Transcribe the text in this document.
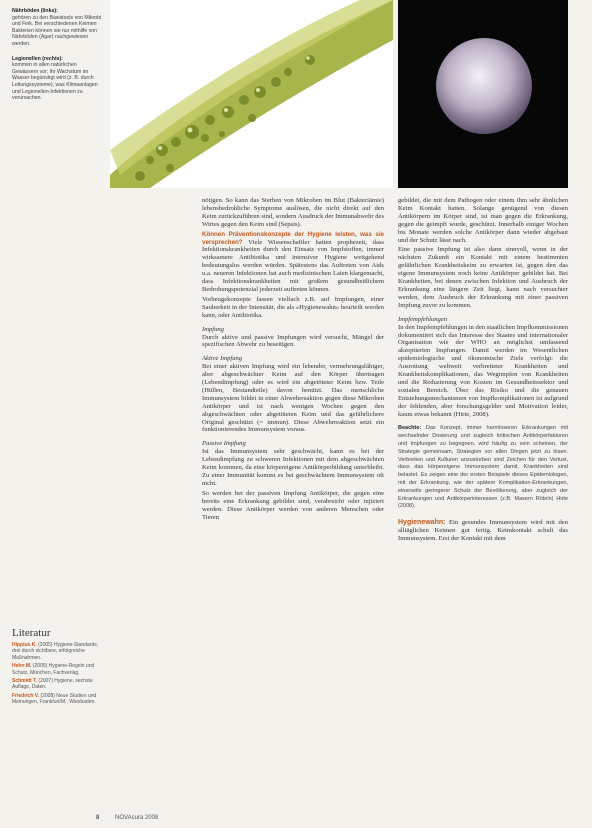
Nährböden (links):
gehören zu den Basistools von Mikrobi und Fink. Bei verschiedenen Keimen Bakterien können sie nur mithilfe von Nährböden (Agar) nachgewiesen werden.
Legionellen (rechts):
kommen in allen natürlichen Gewässern vor; ihr Wachstum im Wasser begünstigt wird (z. B. durch Leitungssysteme), was Klimaanlagen und Legionellen-Infektionen zu verursachen.

nötigen. So kann das Sterben von Mikroben im Blut (Bakteriämie) lebensbedrohliche Symptome auslösen, die nicht direkt auf den Keim zurückzuführen sind, sondern Ausdruck der Immunabwehr des Wirtes gegen den Keim sind (Sepsis).

Können Präventionskonzepte der Hygiene leisten, was sie versprechen? Viele Wissenschaftler hatten prophezeit, dass Infektionskrankheiten durch den Einsatz von Impfstoffen, immer wirksamere Antibiotika und intensiver Hygiene weitgehend bedeutungslos werden würden. Spätestens das Auftreten von Aids u.a. neueren Infektionen hat auch medizinischen Laien klargemacht, dass Infektionskrankheiten mit großem gesundheitlichem Bedrohungspotenzial jederzeit auftreten können.

Vorbeugekonzepte fassen vielfach z.B. auf Impfungen, einer Sauberkeit in der Intensität, die als »Hygienewahn« beurteilt werden kann, oder Antibiotika.

Impfung

Durch aktive und passive Impfungen wird versucht, Mängel der spezifischen Abwehr zu beseitigen.

Aktive Impfung

Bei einer aktiven Impfung wird ein lebender, vermehrungsfähiger, aber abgeschwächter Keim auf den Körper übertragen (Lebendimpfung) oder es wird ein abgetöteter Keim bzw. Teile (Hüllen, Bestandteile) davon benützt. Das menschliche Immunsystem bildet in einer Abwehrreaktion gegen diese Mikroben Antikörper und ist nach wenigen Wochen gegen den abgeschwächten oder abgetöteten Keim und das gefährlichere Original geschützt (= immun). Diese Abwehrreaktion setzt ein funktionierendes Immunsystem voraus.

Passive Impfung

Ist das Immunsystem sehr geschwächt, kann es bei der Lebendimpfung zu schweren Infektionen mit dem abgeschwächten Keim kommen, da eine körpereigene Antikörperbildung unterbleibt. Zu einer Immunität kommt es bei geschwächtem Immunsystem oft nicht.

So werden bei der passiven Impfung Antikörper, die gegen eine bereits eine Erkrankung gebildet sind, verabreicht oder injiziert werden. Diese Antikörper werden von anderen Menschen oder Tieren

gebildet, die mit dem Pathogen oder einem ihm sehr ähnlichen Keim Kontakt hatten. Solange genügend von diesen Antikörpern im Körper sind, ist man gegen die Erkrankung, gegen die geimpft wurde, geschützt. Innerhalb einiger Wochen bis Monate werden solche Antikörper dann wieder abgebaut und der Schutz lässt nach.

Eine passive Impfung ist also dann sinnvoll, wenn in der nächsten Zukunft ein Kontakt mit einem bestimmten gefährlichen Krankheitskeim zu erwarten ist, gegen den das eigene Immunsystem noch keine Antikörper gebildet hat. Bei Krankheiten, bei denen zwischen Infektion und Ausbruch der Erkrankung eine längere Zeit liegt, kann nach versuchter werden, dem Ausbruch der Erkrankung mit einer passiven Impfung zuvor zu kommen.

Impfempfehlungen

In den Impfempfehlungen in den staatlichen Impfkommissionen dokumentiert sich das Interesse des Staates und internationaler Organisation wie der WHO an möglichst umfassend akzeptierten Impfungen. Damit werden im Wesentlichen epidemiologische und ökonomische Ziele verfolgt: die Ausrottung weltweit verbreiteter Krankheiten und Krankheitskomplikationen, das Wegimpfen von Krankheiten und die Reduzierung von Kosten im Gesundheitssektor und sozialen Bereich. Über das Risiko und die genauen Entstehungsmechanismen von Impfkomplikationen ist aufgrund der fehlenden, aber forschungsgelder und Motivation leider, kaum etwas bekannt (Hirte, 2008).

Beachte: Das Konzept, immer harmloseren Erkrankungen mit wechselnder Dosierung und zugleich kritischen Antikörperfaktoren und Impfungen zu begegnen, wird häufig zu sein scheinen, der Strategie gemeinsam, Strategien vor allen Dingen jetzt zu lösen. Verbreiten und Kulturen anzustreben sind Zeichen für den Verlust, dass das körpereigene Immunsystem damit, Krankheiten sind belastet. Es zeigen eine der ersten Beispiele dieses Epidemiologen, mit der Erkrankung, wie der spätere Komplikation-Erkrankungen, einerseits geringerer Schutz der Bevölkerung, aber zugleich der Erkrankungen und Antikörperinteressen (z.B. Masern Röteln) Hirte (2008).

Hygienewahn: Ein gesundes Immunsystem wird mit den alltäglichen Keimen gut fertig. Keimkontakt schult das Immunsystem. Erst der Kontakt mit dem

Literatur
Hippius K. (2005) Hygiene-Standards, drei durch sichtbare, erfolgreiche Maßnahmen.
Hehn M. (2005) Hygiene-Regeln und Schutz, München, Fachverlag.
Schmidt T. (2007) Hygiene, sechste Auflage, Daten.
Friedrich V. (2008) Neue Studien und Meinungen, Frankfurt/M., Wiesbaden.
8	NOVAcura 2008
